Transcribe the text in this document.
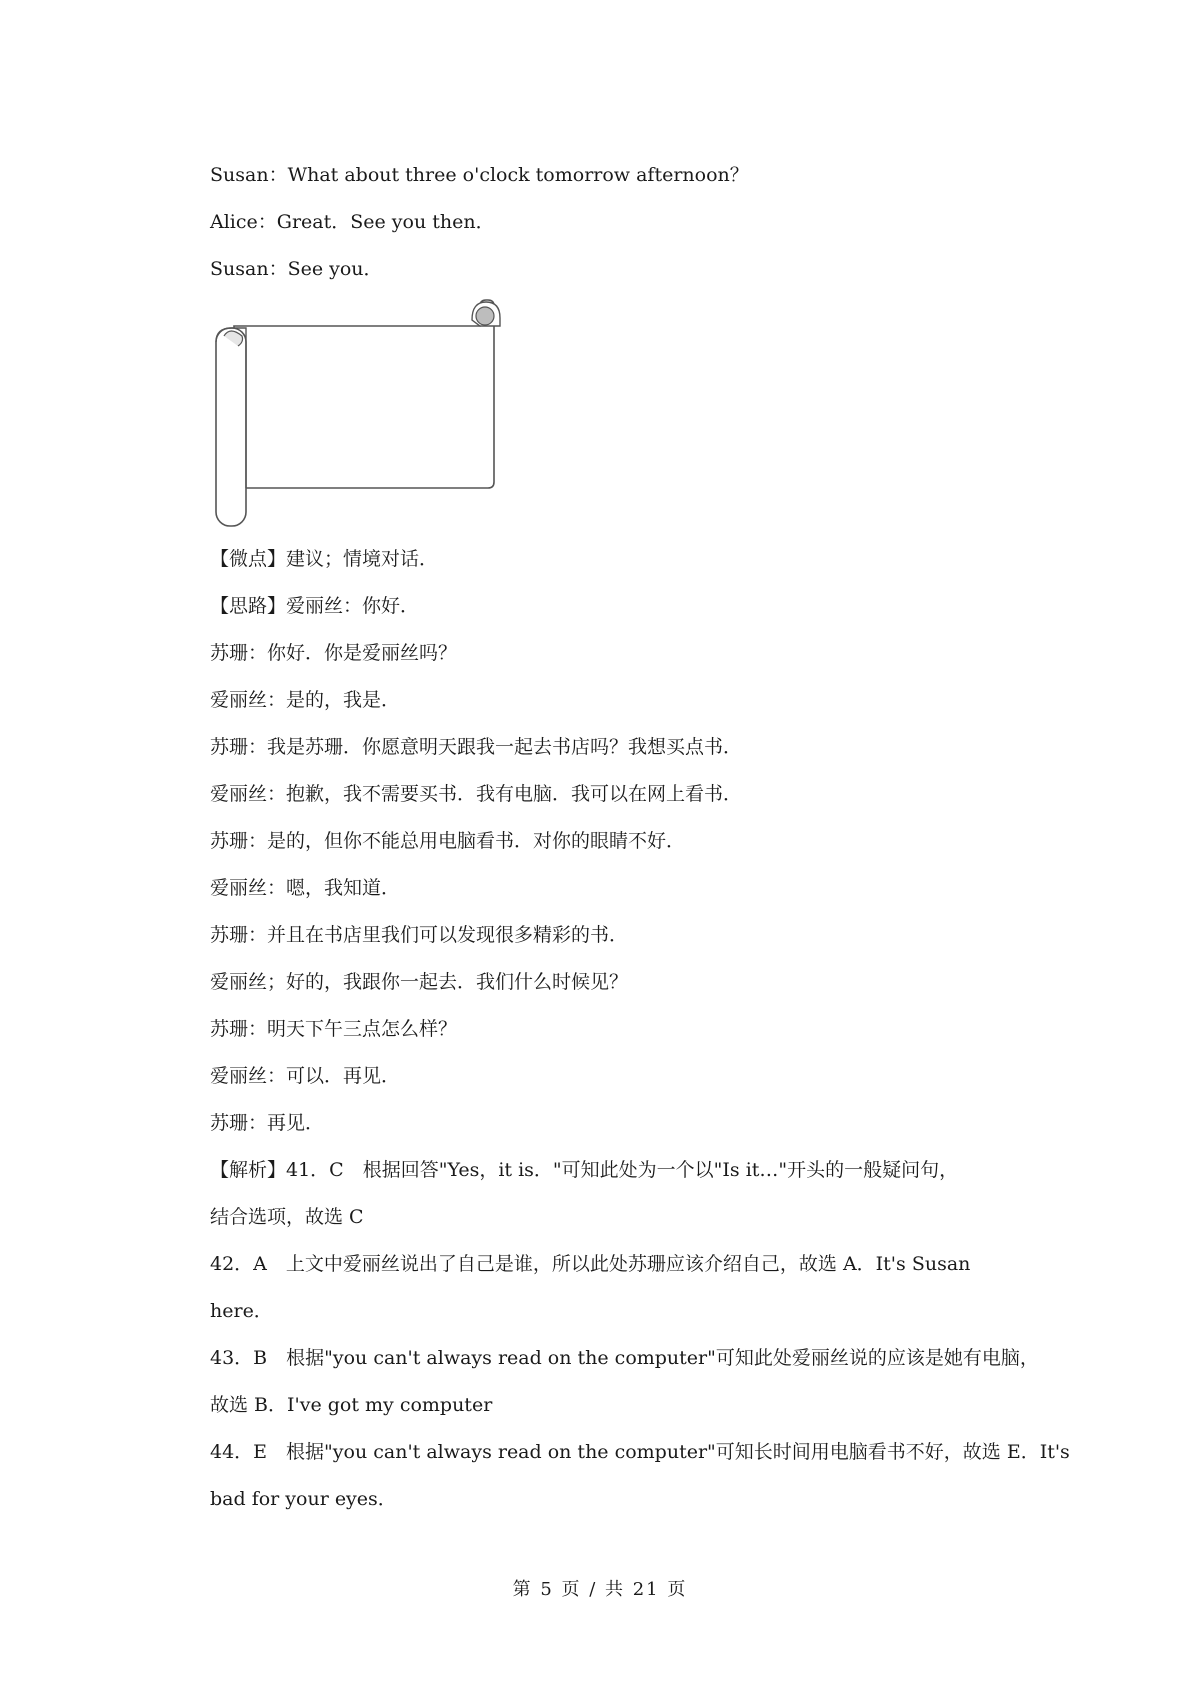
Susan：What about three o'clock tomorrow afternoon？
Alice：Great．See you then．
Susan：See you．
【微点】建议；情境对话．
【思路】爱丽丝：你好．
苏珊：你好．你是爱丽丝吗？
爱丽丝：是的，我是．
苏珊：我是苏珊．你愿意明天跟我一起去书店吗？我想买点书．
爱丽丝：抱歉，我不需要买书．我有电脑．我可以在网上看书．
苏珊：是的，但你不能总用电脑看书．对你的眼睛不好．
爱丽丝：嗯，我知道．
苏珊：并且在书店里我们可以发现很多精彩的书．
爱丽丝；好的，我跟你一起去．我们什么时候见？
苏珊：明天下午三点怎么样？
爱丽丝：可以．再见．
苏珊：再见．
【解析】41．C　根据回答"Yes，it is．"可知此处为一个以"Is it…"开头的一般疑问句，
结合选项，故选 C
42．A　上文中爱丽丝说出了自己是谁，所以此处苏珊应该介绍自己，故选 A．It's Susan
here．
43．B　根据"you can't always read on the computer"可知此处爱丽丝说的应该是她有电脑，
故选 B．I've got my computer
44．E　根据"you can't always read on the computer"可知长时间用电脑看书不好，故选 E．It's
bad for your eyes．
第 5 页 / 共 21 页
